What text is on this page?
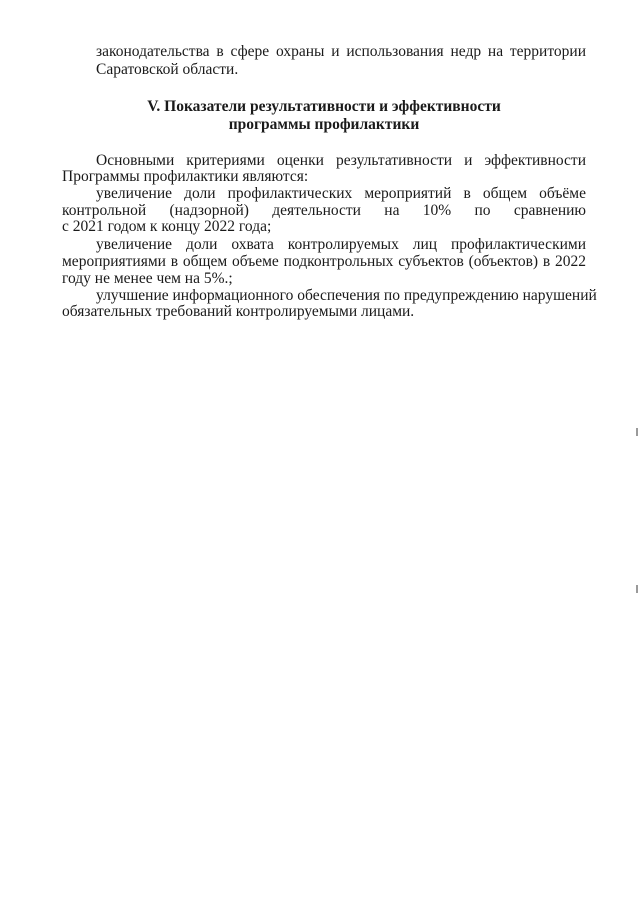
законодательства в сфере охраны и использования недр на территории
Саратовской области.
V. Показатели результативности и эффективности
программы профилактики
Основными критериями оценки результативности и эффективности
Программы профилактики являются:
увеличение доли профилактических мероприятий в общем объёме
контрольной (надзорной) деятельности на 10% по сравнению
с 2021 годом к концу 2022 года;
увеличение доли охвата контролируемых лиц профилактическими
мероприятиями в общем объеме подконтрольных субъектов (объектов) в 2022
году не менее чем на 5%.;
улучшение информационного обеспечения по предупреждению нарушений
обязательных требований контролируемыми лицами.
